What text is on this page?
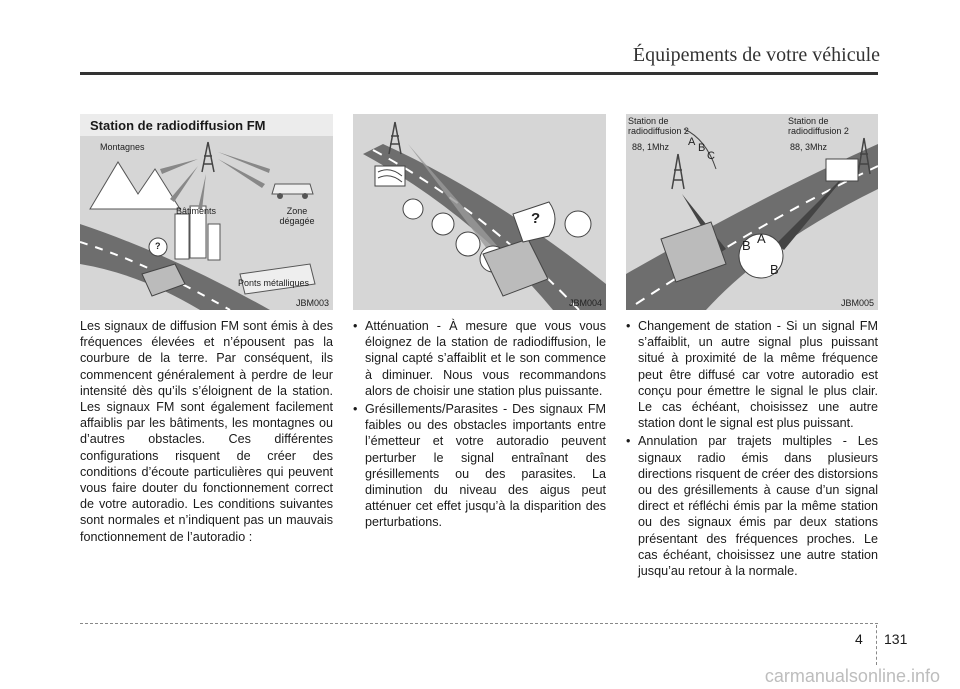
Équipements de votre véhicule
Station de radiodiffusion FM
Montagnes
Bâtiments	Zone dégagée
Ponts métalliques
?
JBM003
?
JBM004
Station de radiodiffusion 2
88, 1Mhz
Station de radiodiffusion 2
88, 3Mhz
A B
C
A
B
B
JBM005

Les signaux de diffusion FM sont émis à des fréquences élevées et n’épousent pas la courbure de la terre. Par conséquent, ils commencent généralement à perdre de leur intensité dès qu’ils s’éloignent de la station. Les signaux FM sont également facilement affaiblis par les bâtiments, les montagnes ou d’autres obstacles. Ces différentes configurations risquent de créer des conditions d’écoute particulières qui peuvent vous faire douter du fonctionnement correct de votre autoradio. Les conditions suivantes sont normales et n’indiquent pas un mauvais fonctionnement de l’autoradio :

• Atténuation - À mesure que vous vous éloignez de la station de radiodiffusion, le signal capté s’affaiblit et le son commence à diminuer. Nous vous recommandons alors de choisir une station plus puissante.
• Grésillements/Parasites - Des signaux FM faibles ou des obstacles importants entre l’émetteur et votre autoradio peuvent perturber le signal entraînant des grésillements ou des parasites. La diminution du niveau des aigus peut atténuer cet effet jusqu’à la disparition des perturbations.
• Changement de station - Si un signal FM s’affaiblit, un autre signal plus puissant situé à proximité de la même fréquence peut être diffusé car votre autoradio est conçu pour émettre le signal le plus clair. Le cas échéant, choisissez une autre station dont le signal est plus puissant.
• Annulation par trajets multiples - Les signaux radio émis dans plusieurs directions risquent de créer des distorsions ou des grésillements à cause d’un signal direct et réfléchi émis par la même station ou des signaux émis par deux stations présentant des fréquences proches. Le cas échéant, choisissez une autre station jusqu’au retour à la normale.
4 131
carmanualsonline.info
